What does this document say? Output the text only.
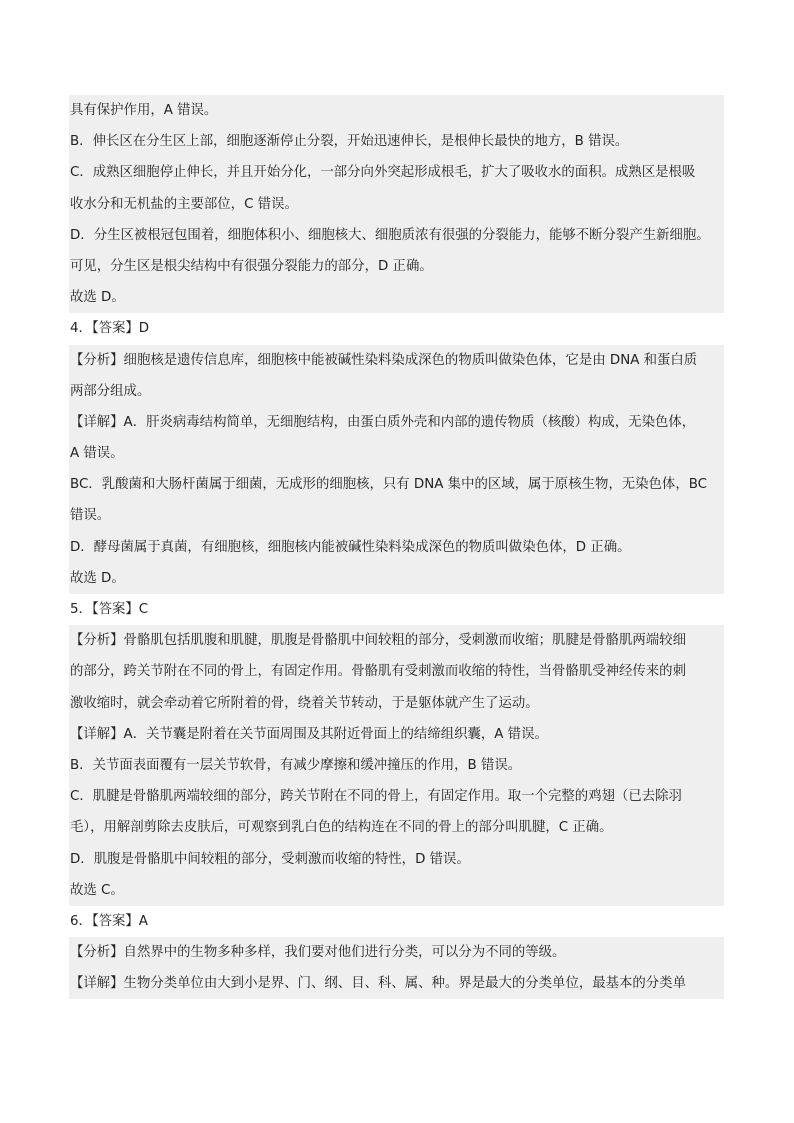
具有保护作用，A 错误。
B．伸长区在分生区上部，细胞逐渐停止分裂，开始迅速伸长，是根伸长最快的地方，B 错误。
C．成熟区细胞停止伸长，并且开始分化，一部分向外突起形成根毛，扩大了吸收水的面积。成熟区是根吸
收水分和无机盐的主要部位，C 错误。
D．分生区被根冠包围着，细胞体积小、细胞核大、细胞质浓有很强的分裂能力，能够不断分裂产生新细胞。
可见，分生区是根尖结构中有很强分裂能力的部分，D 正确。
故选 D。
4．【答案】D
【分析】细胞核是遗传信息库，细胞核中能被碱性染料染成深色的物质叫做染色体，它是由 DNA 和蛋白质
两部分组成。
【详解】A．肝炎病毒结构简单，无细胞结构，由蛋白质外壳和内部的遗传物质（核酸）构成，无染色体，
A 错误。
BC．乳酸菌和大肠杆菌属于细菌，无成形的细胞核，只有 DNA 集中的区域，属于原核生物，无染色体，BC
错误。
D．酵母菌属于真菌，有细胞核，细胞核内能被碱性染料染成深色的物质叫做染色体，D 正确。
故选 D。
5．【答案】C
【分析】骨骼肌包括肌腹和肌腱，肌腹是骨骼肌中间较粗的部分，受刺激而收缩；肌腱是骨骼肌两端较细
的部分，跨关节附在不同的骨上，有固定作用。骨骼肌有受刺激而收缩的特性，当骨骼肌受神经传来的刺
激收缩时，就会牵动着它所附着的骨，绕着关节转动，于是躯体就产生了运动。
【详解】A．关节囊是附着在关节面周围及其附近骨面上的结缔组织囊，A 错误。
B．关节面表面覆有一层关节软骨，有减少摩擦和缓冲撞压的作用，B 错误。
C．肌腱是骨骼肌两端较细的部分，跨关节附在不同的骨上，有固定作用。取一个完整的鸡翅（已去除羽
毛），用解剖剪除去皮肤后，可观察到乳白色的结构连在不同的骨上的部分叫肌腱，C 正确。
D．肌腹是骨骼肌中间较粗的部分，受刺激而收缩的特性，D 错误。
故选 C。
6．【答案】A
【分析】自然界中的生物多种多样，我们要对他们进行分类，可以分为不同的等级。
【详解】生物分类单位由大到小是界、门、纲、目、科、属、种。界是最大的分类单位，最基本的分类单
